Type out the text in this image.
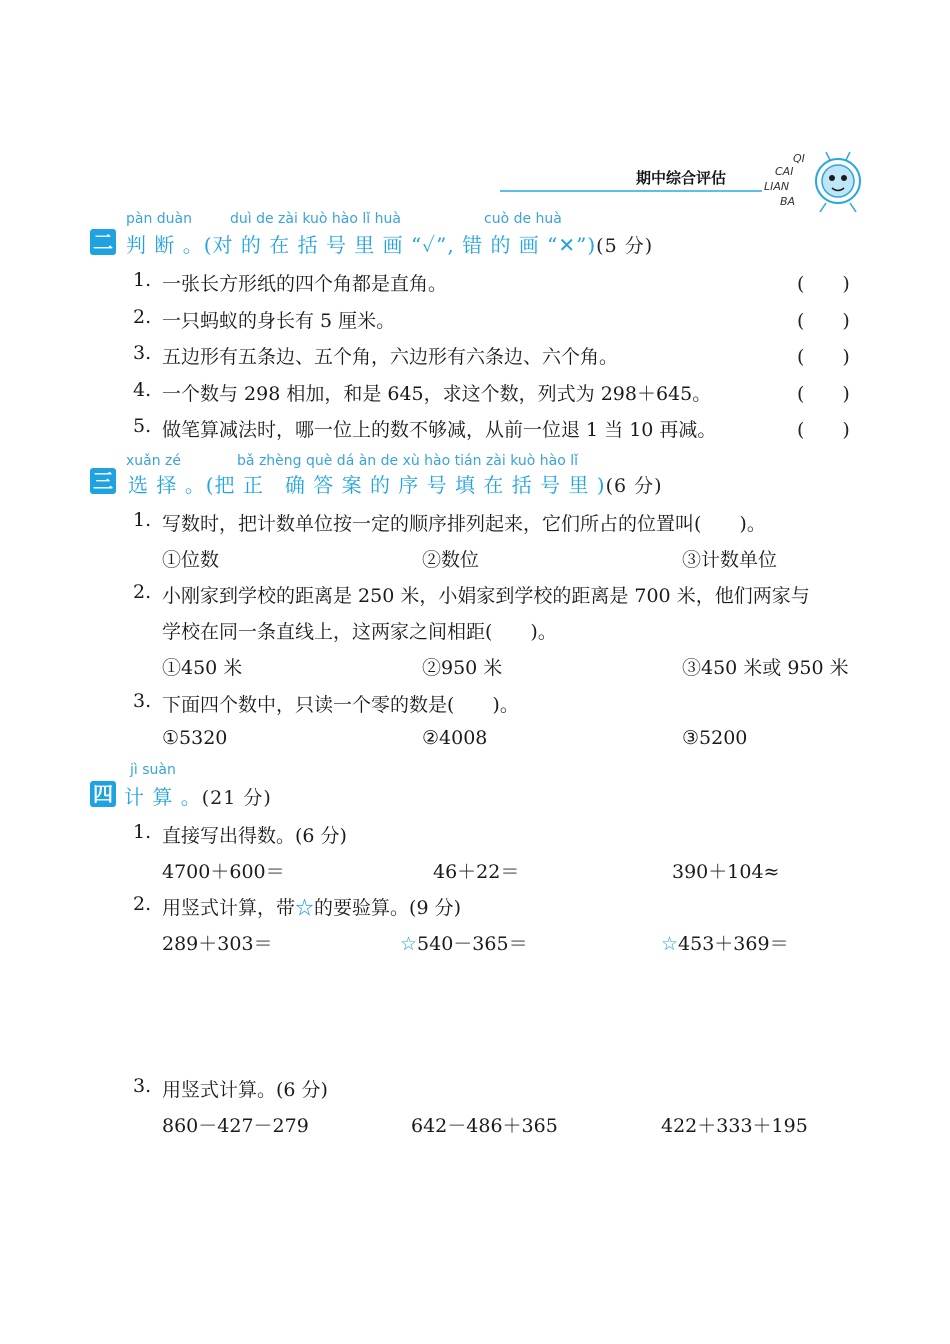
期中综合评估
QI
CAI
LIAN
BA
pàn duàn	duì de zài kuò hào lǐ huà	cuò de huà
二 判 断 。(对 的 在 括 号 里 画 “✓”, 错 的 画 “✕”)(5 分)
1. 一张长方形纸的四个角都是直角。	(　　)
2. 一只蚂蚁的身长有 5 厘米。	(　　)
3. 五边形有五条边、五个角，六边形有六条边、六个角。	(　　)
4. 一个数与 298 相加，和是 645，求这个数，列式为 298＋645。	(　　)
5. 做笔算减法时，哪一位上的数不够减，从前一位退 1 当 10 再减。	(　　)
xuǎn zé　　　　bǎ zhèng què dá àn de xù hào tián zài kuò hào lǐ
三 选 择 。(把 正　确 答 案 的 序 号 填 在 括 号 里 )(6 分)
1. 写数时，把计数单位按一定的顺序排列起来，它们所占的位置叫(　　)。
①位数	②数位	③计数单位
2. 小刚家到学校的距离是 250 米，小娟家到学校的距离是 700 米，他们两家与
学校在同一条直线上，这两家之间相距(　　)。
①450 米	②950 米	③450 米或 950 米
3. 下面四个数中，只读一个零的数是(　　)。
①5320	②4008	③5200
jì suàn
四 计 算 。(21 分)
1. 直接写出得数。(6 分)
4700＋600＝	46＋22＝	390＋104≈
2. 用竖式计算，带☆的要验算。(9 分)
289＋303＝	☆540－365＝	☆453＋369＝
3. 用竖式计算。(6 分)
860－427－279	642－486＋365	422＋333＋195
